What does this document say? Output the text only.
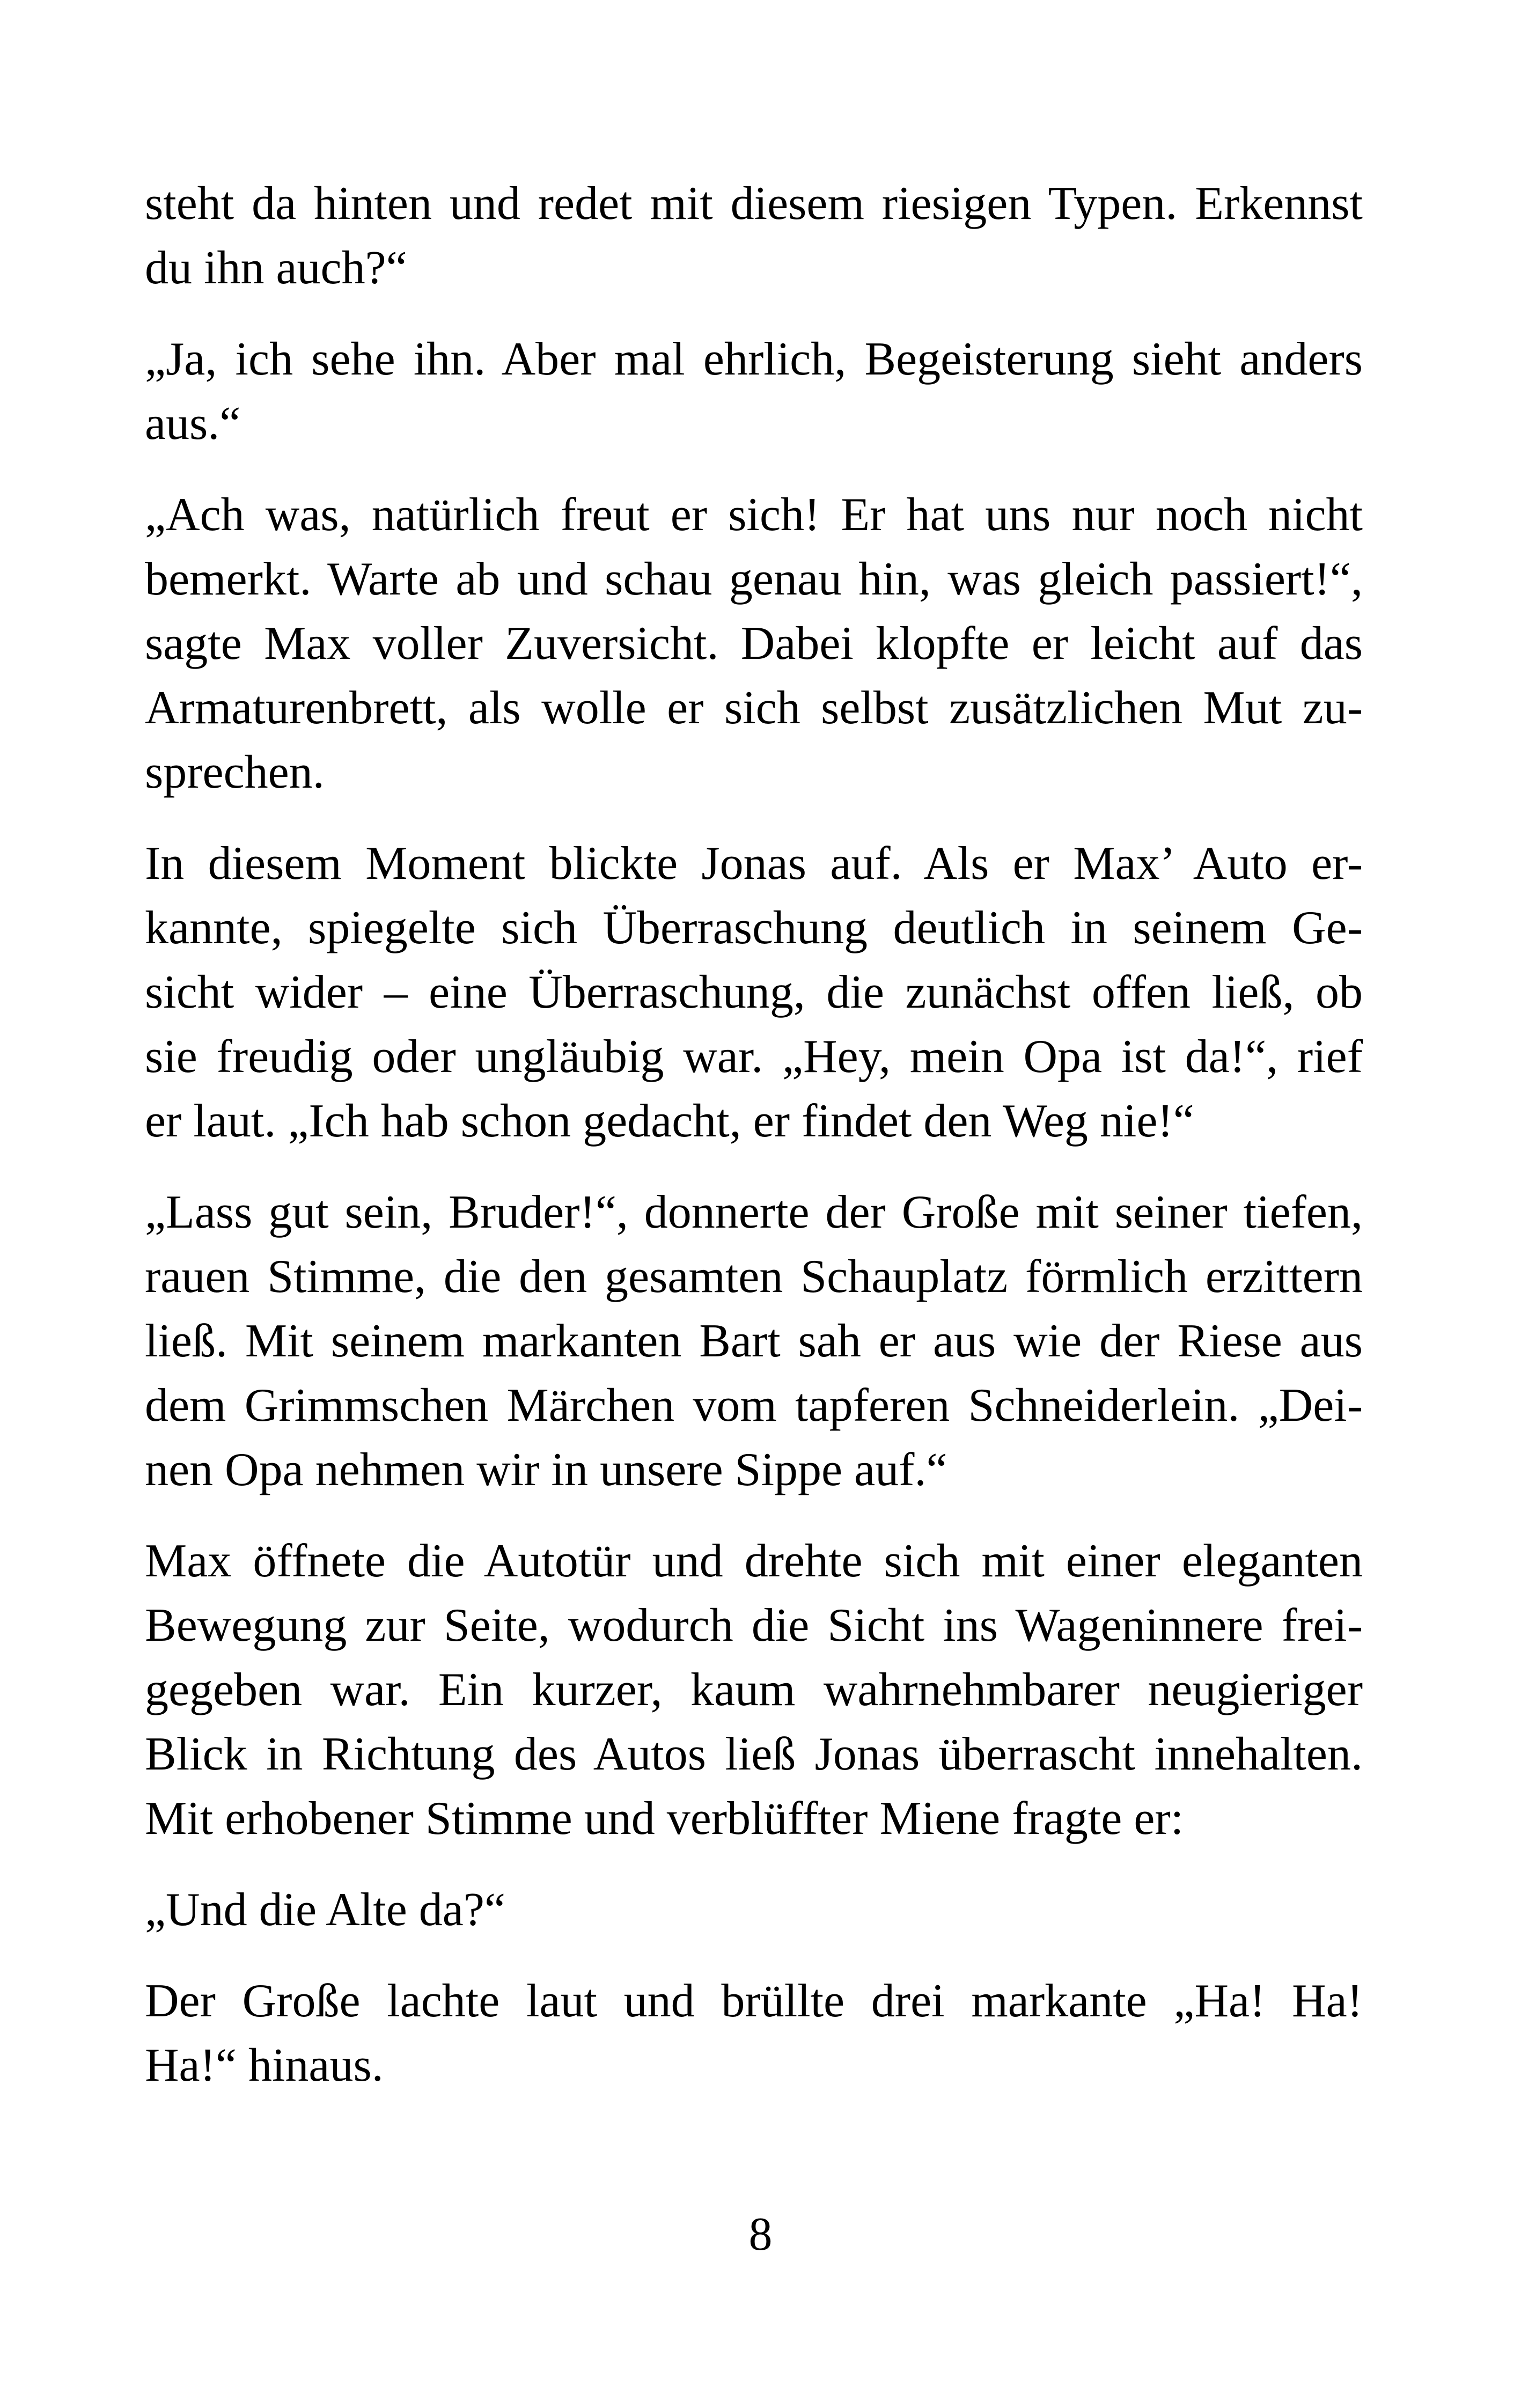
steht da hinten und redet mit diesem riesigen Typen. Erkennst
du ihn auch?“
„Ja, ich sehe ihn. Aber mal ehrlich, Begeisterung sieht anders
aus.“
„Ach was, natürlich freut er sich! Er hat uns nur noch nicht
bemerkt. Warte ab und schau genau hin, was gleich passiert!“,
sagte Max voller Zuversicht. Dabei klopfte er leicht auf das
Armaturenbrett, als wolle er sich selbst zusätzlichen Mut zu-
sprechen.
In diesem Moment blickte Jonas auf. Als er Max’ Auto er-
kannte, spiegelte sich Überraschung deutlich in seinem Ge-
sicht wider – eine Überraschung, die zunächst offen ließ, ob
sie freudig oder ungläubig war. „Hey, mein Opa ist da!“, rief
er laut. „Ich hab schon gedacht, er findet den Weg nie!“
„Lass gut sein, Bruder!“, donnerte der Große mit seiner tiefen,
rauen Stimme, die den gesamten Schauplatz förmlich erzittern
ließ. Mit seinem markanten Bart sah er aus wie der Riese aus
dem Grimmschen Märchen vom tapferen Schneiderlein. „Dei-
nen Opa nehmen wir in unsere Sippe auf.“
Max öffnete die Autotür und drehte sich mit einer eleganten
Bewegung zur Seite, wodurch die Sicht ins Wageninnere frei-
gegeben war. Ein kurzer, kaum wahrnehmbarer neugieriger
Blick in Richtung des Autos ließ Jonas überrascht innehalten.
Mit erhobener Stimme und verblüffter Miene fragte er:
„Und die Alte da?“
Der Große lachte laut und brüllte drei markante „Ha! Ha!
Ha!“ hinaus.
8
